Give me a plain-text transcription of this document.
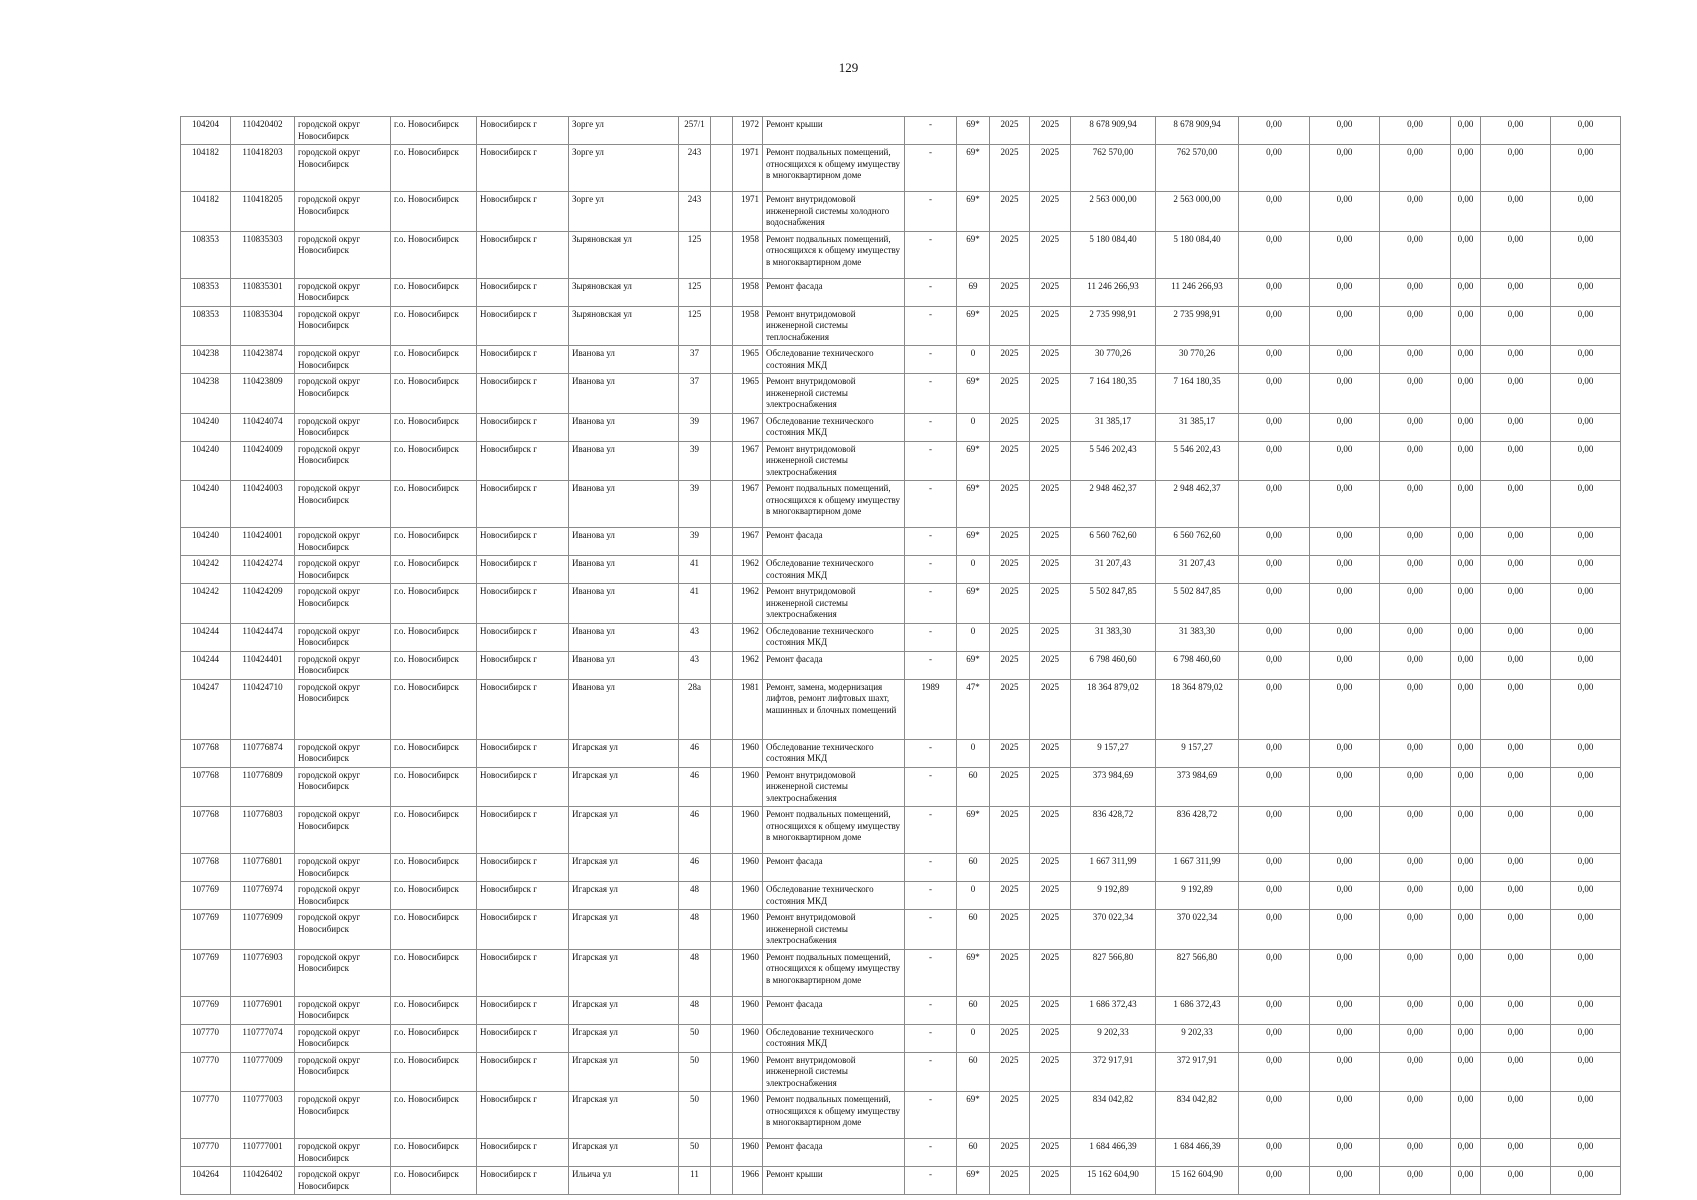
129
104204	110420402	городской округ Новосибирск	г.о. Новосибирск	Новосибирск г	Зорге ул	257/1		1972	Ремонт крыши	-	69*	2025	2025	8 678 909,94	8 678 909,94	0,00	0,00	0,00	0,00	0,00	0,00
104182	110418203	городской округ Новосибирск	г.о. Новосибирск	Новосибирск г	Зорге ул	243		1971	Ремонт подвальных помещений, относящихся к общему имуществу в многоквартирном доме	-	69*	2025	2025	762 570,00	762 570,00	0,00	0,00	0,00	0,00	0,00	0,00
104182	110418205	городской округ Новосибирск	г.о. Новосибирск	Новосибирск г	Зорге ул	243		1971	Ремонт внутридомовой инженерной системы холодного водоснабжения	-	69*	2025	2025	2 563 000,00	2 563 000,00	0,00	0,00	0,00	0,00	0,00	0,00
108353	110835303	городской округ Новосибирск	г.о. Новосибирск	Новосибирск г	Зыряновская ул	125		1958	Ремонт подвальных помещений, относящихся к общему имуществу в многоквартирном доме	-	69*	2025	2025	5 180 084,40	5 180 084,40	0,00	0,00	0,00	0,00	0,00	0,00
108353	110835301	городской округ Новосибирск	г.о. Новосибирск	Новосибирск г	Зыряновская ул	125		1958	Ремонт фасада	-	69	2025	2025	11 246 266,93	11 246 266,93	0,00	0,00	0,00	0,00	0,00	0,00
108353	110835304	городской округ Новосибирск	г.о. Новосибирск	Новосибирск г	Зыряновская ул	125		1958	Ремонт внутридомовой инженерной системы теплоснабжения	-	69*	2025	2025	2 735 998,91	2 735 998,91	0,00	0,00	0,00	0,00	0,00	0,00
104238	110423874	городской округ Новосибирск	г.о. Новосибирск	Новосибирск г	Иванова ул	37		1965	Обследование технического состояния МКД	-	0	2025	2025	30 770,26	30 770,26	0,00	0,00	0,00	0,00	0,00	0,00
104238	110423809	городской округ Новосибирск	г.о. Новосибирск	Новосибирск г	Иванова ул	37		1965	Ремонт внутридомовой инженерной системы электроснабжения	-	69*	2025	2025	7 164 180,35	7 164 180,35	0,00	0,00	0,00	0,00	0,00	0,00
104240	110424074	городской округ Новосибирск	г.о. Новосибирск	Новосибирск г	Иванова ул	39		1967	Обследование технического состояния МКД	-	0	2025	2025	31 385,17	31 385,17	0,00	0,00	0,00	0,00	0,00	0,00
104240	110424009	городской округ Новосибирск	г.о. Новосибирск	Новосибирск г	Иванова ул	39		1967	Ремонт внутридомовой инженерной системы электроснабжения	-	69*	2025	2025	5 546 202,43	5 546 202,43	0,00	0,00	0,00	0,00	0,00	0,00
104240	110424003	городской округ Новосибирск	г.о. Новосибирск	Новосибирск г	Иванова ул	39		1967	Ремонт подвальных помещений, относящихся к общему имуществу в многоквартирном доме	-	69*	2025	2025	2 948 462,37	2 948 462,37	0,00	0,00	0,00	0,00	0,00	0,00
104240	110424001	городской округ Новосибирск	г.о. Новосибирск	Новосибирск г	Иванова ул	39		1967	Ремонт фасада	-	69*	2025	2025	6 560 762,60	6 560 762,60	0,00	0,00	0,00	0,00	0,00	0,00
104242	110424274	городской округ Новосибирск	г.о. Новосибирск	Новосибирск г	Иванова ул	41		1962	Обследование технического состояния МКД	-	0	2025	2025	31 207,43	31 207,43	0,00	0,00	0,00	0,00	0,00	0,00
104242	110424209	городской округ Новосибирск	г.о. Новосибирск	Новосибирск г	Иванова ул	41		1962	Ремонт внутридомовой инженерной системы электроснабжения	-	69*	2025	2025	5 502 847,85	5 502 847,85	0,00	0,00	0,00	0,00	0,00	0,00
104244	110424474	городской округ Новосибирск	г.о. Новосибирск	Новосибирск г	Иванова ул	43		1962	Обследование технического состояния МКД	-	0	2025	2025	31 383,30	31 383,30	0,00	0,00	0,00	0,00	0,00	0,00
104244	110424401	городской округ Новосибирск	г.о. Новосибирск	Новосибирск г	Иванова ул	43		1962	Ремонт фасада	-	69*	2025	2025	6 798 460,60	6 798 460,60	0,00	0,00	0,00	0,00	0,00	0,00
104247	110424710	городской округ Новосибирск	г.о. Новосибирск	Новосибирск г	Иванова ул	28а		1981	Ремонт, замена, модернизация лифтов, ремонт лифтовых шахт, машинных и блочных помещений	1989	47*	2025	2025	18 364 879,02	18 364 879,02	0,00	0,00	0,00	0,00	0,00	0,00
107768	110776874	городской округ Новосибирск	г.о. Новосибирск	Новосибирск г	Игарская ул	46		1960	Обследование технического состояния МКД	-	0	2025	2025	9 157,27	9 157,27	0,00	0,00	0,00	0,00	0,00	0,00
107768	110776809	городской округ Новосибирск	г.о. Новосибирск	Новосибирск г	Игарская ул	46		1960	Ремонт внутридомовой инженерной системы электроснабжения	-	60	2025	2025	373 984,69	373 984,69	0,00	0,00	0,00	0,00	0,00	0,00
107768	110776803	городской округ Новосибирск	г.о. Новосибирск	Новосибирск г	Игарская ул	46		1960	Ремонт подвальных помещений, относящихся к общему имуществу в многоквартирном доме	-	69*	2025	2025	836 428,72	836 428,72	0,00	0,00	0,00	0,00	0,00	0,00
107768	110776801	городской округ Новосибирск	г.о. Новосибирск	Новосибирск г	Игарская ул	46		1960	Ремонт фасада	-	60	2025	2025	1 667 311,99	1 667 311,99	0,00	0,00	0,00	0,00	0,00	0,00
107769	110776974	городской округ Новосибирск	г.о. Новосибирск	Новосибирск г	Игарская ул	48		1960	Обследование технического состояния МКД	-	0	2025	2025	9 192,89	9 192,89	0,00	0,00	0,00	0,00	0,00	0,00
107769	110776909	городской округ Новосибирск	г.о. Новосибирск	Новосибирск г	Игарская ул	48		1960	Ремонт внутридомовой инженерной системы электроснабжения	-	60	2025	2025	370 022,34	370 022,34	0,00	0,00	0,00	0,00	0,00	0,00
107769	110776903	городской округ Новосибирск	г.о. Новосибирск	Новосибирск г	Игарская ул	48		1960	Ремонт подвальных помещений, относящихся к общему имуществу в многоквартирном доме	-	69*	2025	2025	827 566,80	827 566,80	0,00	0,00	0,00	0,00	0,00	0,00
107769	110776901	городской округ Новосибирск	г.о. Новосибирск	Новосибирск г	Игарская ул	48		1960	Ремонт фасада	-	60	2025	2025	1 686 372,43	1 686 372,43	0,00	0,00	0,00	0,00	0,00	0,00
107770	110777074	городской округ Новосибирск	г.о. Новосибирск	Новосибирск г	Игарская ул	50		1960	Обследование технического состояния МКД	-	0	2025	2025	9 202,33	9 202,33	0,00	0,00	0,00	0,00	0,00	0,00
107770	110777009	городской округ Новосибирск	г.о. Новосибирск	Новосибирск г	Игарская ул	50		1960	Ремонт внутридомовой инженерной системы электроснабжения	-	60	2025	2025	372 917,91	372 917,91	0,00	0,00	0,00	0,00	0,00	0,00
107770	110777003	городской округ Новосибирск	г.о. Новосибирск	Новосибирск г	Игарская ул	50		1960	Ремонт подвальных помещений, относящихся к общему имуществу в многоквартирном доме	-	69*	2025	2025	834 042,82	834 042,82	0,00	0,00	0,00	0,00	0,00	0,00
107770	110777001	городской округ Новосибирск	г.о. Новосибирск	Новосибирск г	Игарская ул	50		1960	Ремонт фасада	-	60	2025	2025	1 684 466,39	1 684 466,39	0,00	0,00	0,00	0,00	0,00	0,00
104264	110426402	городской округ Новосибирск	г.о. Новосибирск	Новосибирск г	Ильича ул	11		1966	Ремонт крыши	-	69*	2025	2025	15 162 604,90	15 162 604,90	0,00	0,00	0,00	0,00	0,00	0,00
